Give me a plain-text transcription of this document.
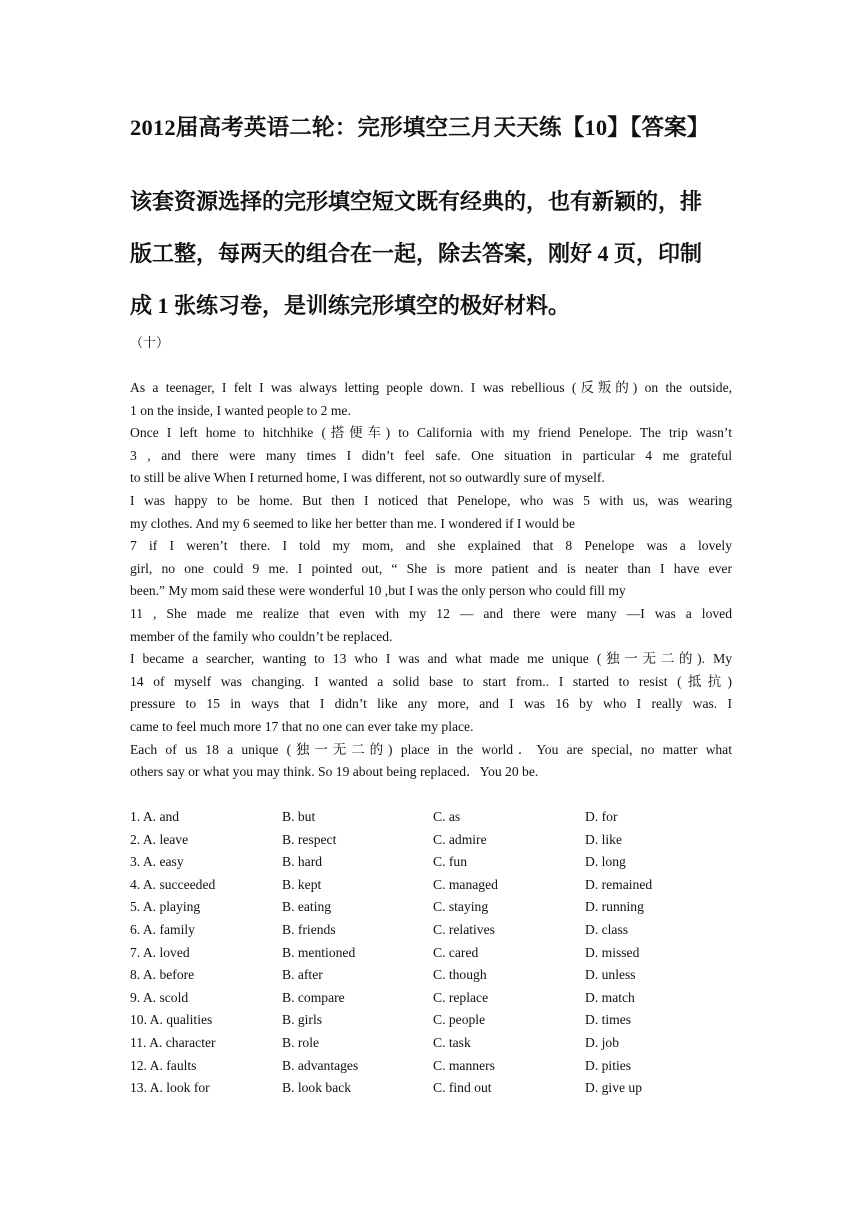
2012届高考英语二轮：完形填空三月天天练【10】【答案】

该套资源选择的完形填空短文既有经典的，也有新颖的，排

版工整，每两天的组合在一起，除去答案，刚好 4 页，印制

成 1 张练习卷，是训练完形填空的极好材料。

（十）
As a teenager, I felt I was always letting people down. I was rebellious (反叛的) on the outside,
1 on the inside, I wanted people to 2 me.
Once I left home to hitchhike (搭便车) to California with my friend Penelope. The trip wasn’t
3 , and there were many times I didn’t feel safe. One situation in particular 4 me grateful
to still be alive When I returned home, I was different, not so outwardly sure of myself.
I was happy to be home. But then I noticed that Penelope, who was 5 with us, was wearing
my clothes. And my 6 seemed to like her better than me. I wondered if I would be
7 if I weren’t there. I told my mom, and she explained that 8 Penelope was a lovely
girl, no one could 9 me. I pointed out, “ She is more patient and is neater than I have ever
been.” My mom said these were wonderful 10 ,but I was the only person who could fill my
11 , She made me realize that even with my 12 — and there were many —I was a loved
member of the family who couldn’t be replaced.
I became a searcher, wanting to 13 who I was and what made me unique (独一无二的). My
14 of myself was changing. I wanted a solid base to start from.. I started to resist (抵抗)
pressure to 15 in ways that I didn’t like any more, and I was 16 by who I really was. I
came to feel much more 17 that no one can ever take my place.
Each of us 18 a unique (独一无二的) place in the world．You are special, no matter what
others say or what you may think. So 19 about being replaced．You 20 be.
1. A. and	B. but	C. as	D. for
2. A. leave	B. respect	C. admire	D. like
3. A. easy	B. hard	C. fun	D. long
4. A. succeeded	B. kept	C. managed	D. remained
5. A. playing	B. eating	C. staying	D. running
6. A. family	B. friends	C. relatives	D. class
7. A. loved	B. mentioned	C. cared	D. missed
8. A. before	B. after	C. though	D. unless
9. A. scold	B. compare	C. replace	D. match
10. A. qualities	B. girls	C. people	D. times
11. A. character	B. role	C. task	D. job
12. A. faults	B. advantages	C. manners	D. pities
13. A. look for	B. look back	C. find out	D. give up
